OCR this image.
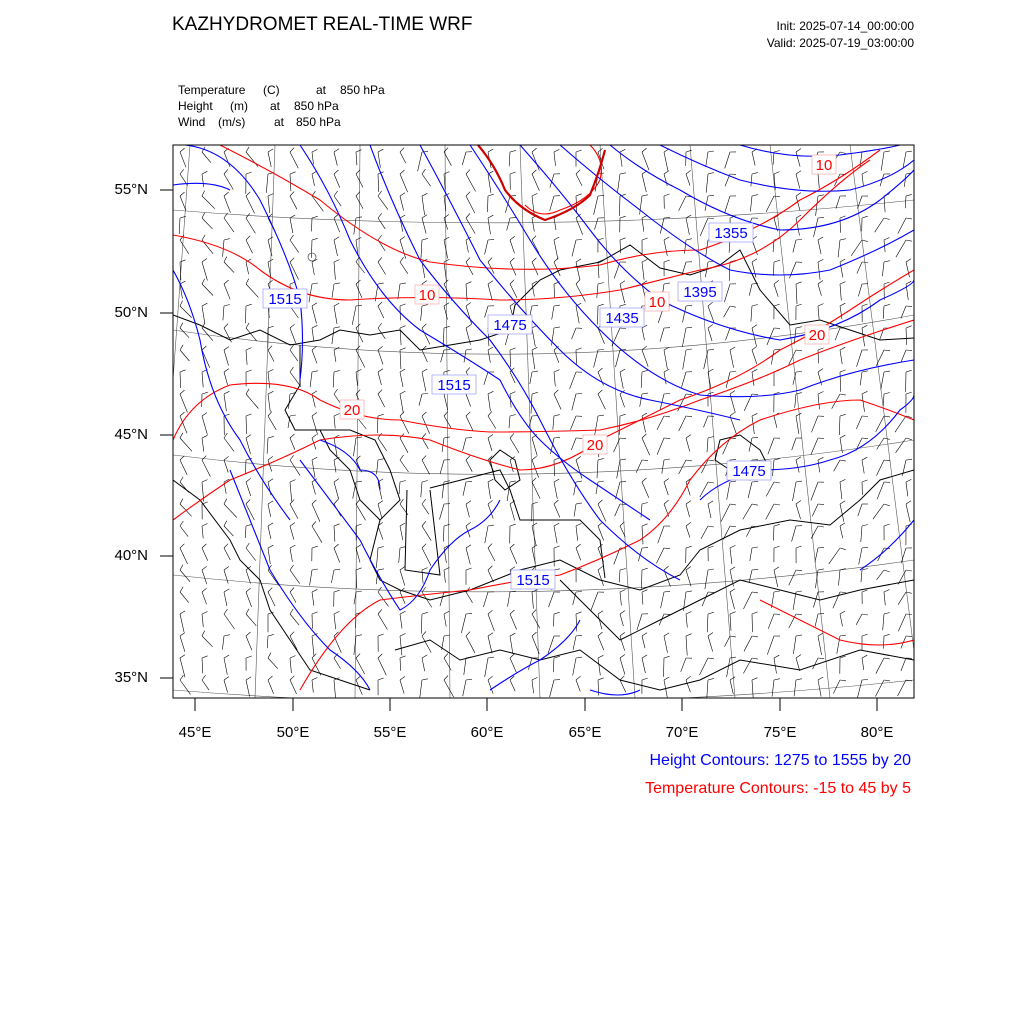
1515
1475
1515
1435
1395
1355
1475
1515
10
20
10
20
20
10
KAZHYDROMET REAL-TIME WRF	Init: 2025-07-14_00:00:00
Valid: 2025-07-19_03:00:00
Temperature (C)	at 850 hPa
Height (m) at 850 hPa
Wind (m/s) at 850 hPa
55°N
50°N
45°N
40°N
35°N
45°E	50°E	55°E	60°E	65°E	70°E	75°E	80°E
Height Contours: 1275 to 1555 by 20
Temperature Contours: -15 to 45 by 5
